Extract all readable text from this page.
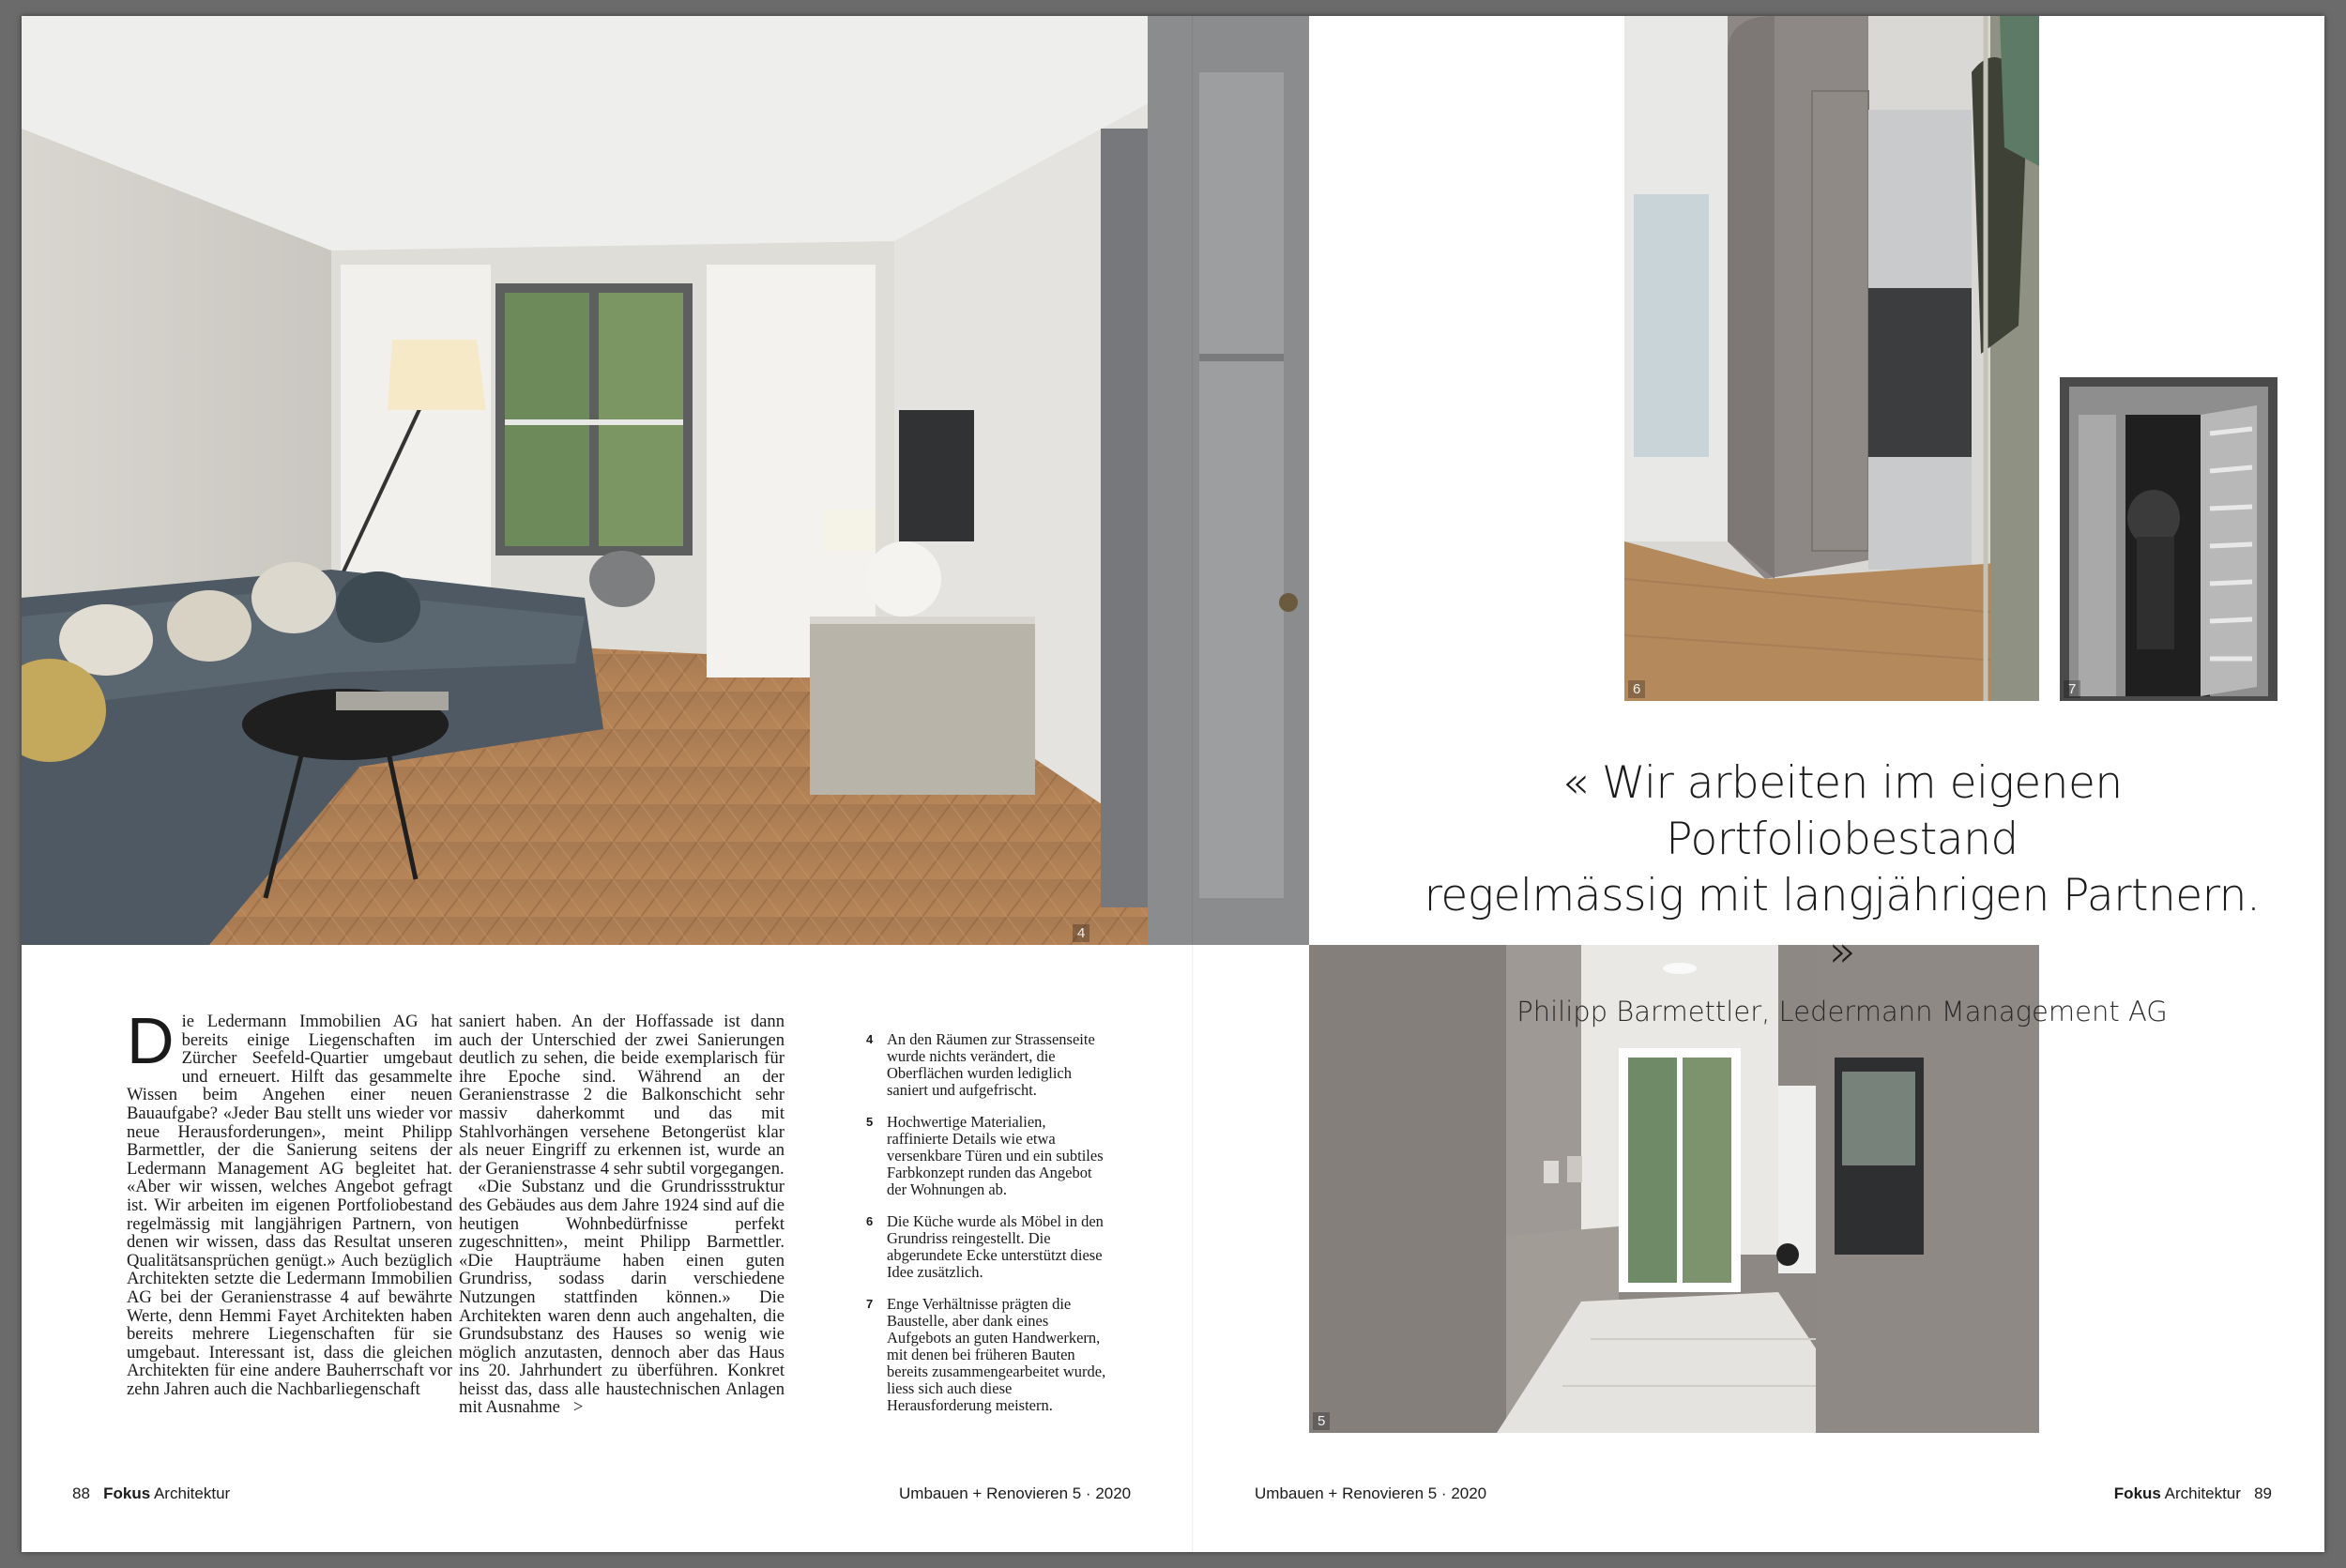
4
6	7
5
« Wir arbeiten im eigenen Portfoliobestand
regelmässig mit langjährigen Partnern. »
Philipp Barmettler, Ledermann Management AG

Die Ledermann Immobilien AG hat bereits einige Liegenschaften im Zürcher Seefeld-Quartier umgebaut und erneuert. Hilft das gesammelte Wissen beim Angehen einer neuen Bauaufgabe? «Jeder Bau stellt uns wieder vor neue Herausforderungen», meint Philipp Barmettler, der die Sanierung seitens der Ledermann Management AG begleitet hat. «Aber wir wissen, welches Angebot gefragt ist. Wir arbeiten im eigenen Portfoliobestand regelmässig mit langjährigen Partnern, von denen wir wissen, dass das Resultat unseren Qualitätsansprüchen genügt.» Auch bezüglich Architekten setzte die Ledermann Immobilien AG bei der Geranienstrasse 4 auf bewährte Werte, denn Hemmi Fayet Architekten haben bereits mehrere Liegenschaften für sie umgebaut. Interessant ist, dass die gleichen Architekten für eine andere Bauherrschaft vor zehn Jahren auch die Nachbarliegenschaft

saniert haben. An der Hoffassade ist dann auch der Unterschied der zwei Sanierungen deutlich zu sehen, die beide exemplarisch für ihre Epoche sind. Während an der Geranienstrasse 2 die Balkonschicht sehr massiv daherkommt und das mit Stahlvorhängen versehene Betongerüst klar als neuer Eingriff zu erkennen ist, wurde an der Geranienstrasse 4 sehr subtil vorgegangen.

«Die Substanz und die Grundrissstruktur des Gebäudes aus dem Jahre 1924 sind auf die heutigen Wohnbedürfnisse perfekt zugeschnitten», meint Philipp Barmettler. «Die Haupträume haben einen guten Grundriss, sodass darin verschiedene Nutzungen stattfinden können.» Die Architekten waren denn auch angehalten, die Grundsubstanz des Hauses so wenig wie möglich anzutasten, dennoch aber das Haus ins 20. Jahrhundert zu überführen. Konkret heisst das, dass alle haustechnischen Anlagen mit Ausnahme >

4 An den Räumen zur Strassenseite wurde nichts verändert, die Oberflächen wurden lediglich saniert und aufgefrischt.
5 Hochwertige Materialien, raffinierte Details wie etwa versenkbare Türen und ein subtiles Farbkonzept runden das Angebot der Wohnungen ab.
6 Die Küche wurde als Möbel in den Grundriss reingestellt. Die abgerundete Ecke unterstützt diese Idee zusätzlich.
7 Enge Verhältnisse prägten die Baustelle, aber dank eines Aufgebots an guten Handwerkern, mit denen bei früheren Bauten bereits zusammengearbeitet wurde, liess sich auch diese Herausforderung meistern.
88 Fokus Architektur	Umbauen + Renovieren 5 · 2020	Umbauen + Renovieren 5 · 2020	Fokus Architektur 89
